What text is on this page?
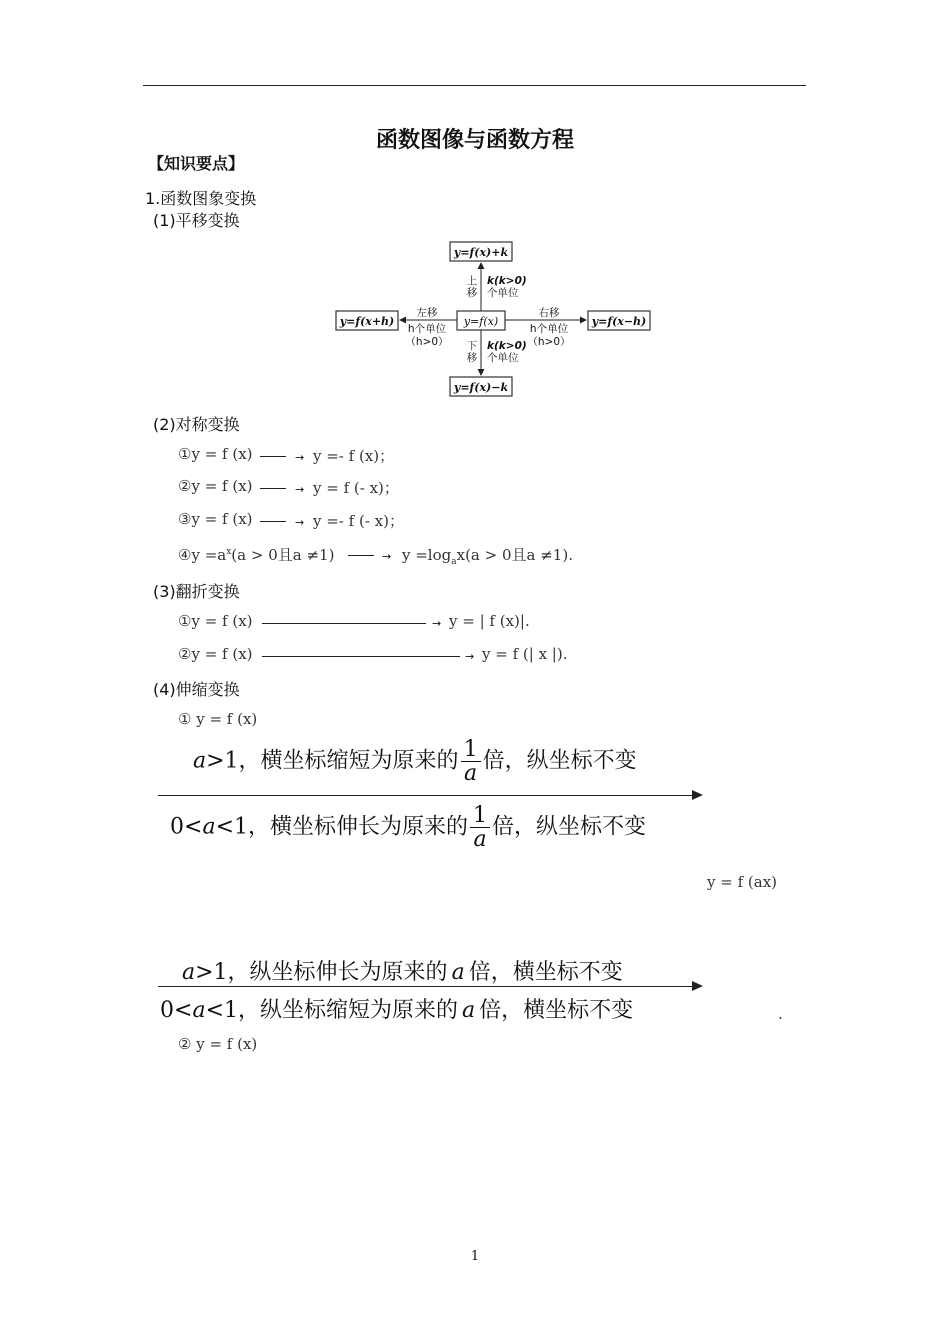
函数图像与函数方程
【知识要点】
1.函数图象变换
(1)平移变换
y=f(x)+k
y=f(x)
y=f(x)−k
y=f(x+h)	y=f(x−h)
上
移
k(k>0)
个单位
下
移
k(k>0)
个单位
左移
h个单位
（h>0）
右移
h个单位
（h>0）
(2)对称变换
①y = f (x)	→ y =- f (x)；
②y = f (x)	→ y = f (- x)；
③y = f (x)	→ y =- f (- x)；
④y $=a^x(a > 0$且a ≠1)	→ $y =\log_ax(a > 0$且a ≠1).
(3)翻折变换
①y = f (x)	→ y = | f (x)|.
②y = f (x)	→ y = f (| x |).
(4)伸缩变换
① y = f (x)
a>1，横坐标缩短为原来的 $\frac{1}{a}$ 倍，纵坐标不变
0<a<1，横坐标伸长为原来的 $\frac{1}{a}$ 倍，纵坐标不变
y = f (ax)
a>1，纵坐标伸长为原来的 a 倍，横坐标不变
0<a<1，纵坐标缩短为原来的 a 倍，横坐标不变	.
② y = f (x)
1
